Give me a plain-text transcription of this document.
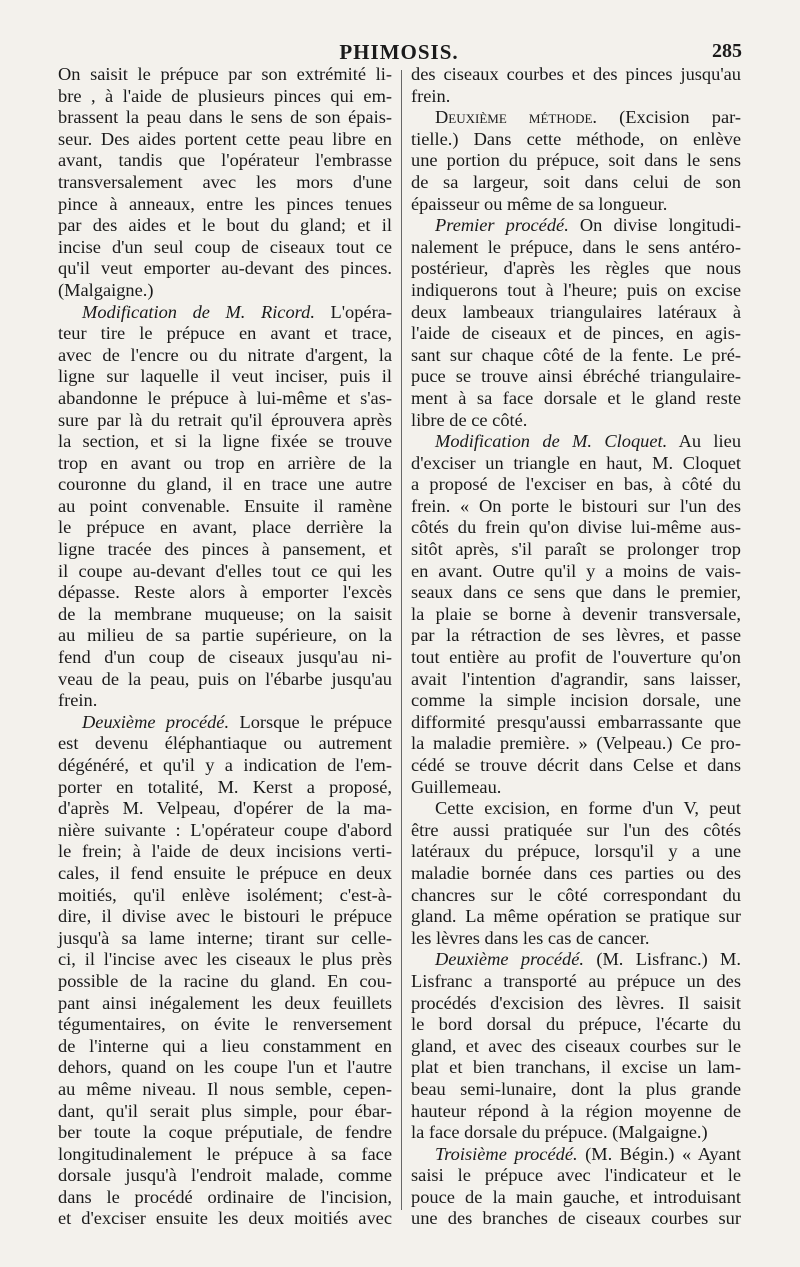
PHIMOSIS.	285
On saisit le prépuce par son extrémité li-
bre , à l'aide de plusieurs pinces qui em-
brassent la peau dans le sens de son épais-
seur. Des aides portent cette peau libre en
avant, tandis que l'opérateur l'embrasse
transversalement avec les mors d'une
pince à anneaux, entre les pinces tenues
par des aides et le bout du gland; et il
incise d'un seul coup de ciseaux tout ce
qu'il veut emporter au-devant des pinces.
(Malgaigne.)
Modification de M. Ricord. L'opéra-
teur tire le prépuce en avant et trace,
avec de l'encre ou du nitrate d'argent, la
ligne sur laquelle il veut inciser, puis il
abandonne le prépuce à lui-même et s'as-
sure par là du retrait qu'il éprouvera après
la section, et si la ligne fixée se trouve
trop en avant ou trop en arrière de la
couronne du gland, il en trace une autre
au point convenable. Ensuite il ramène
le prépuce en avant, place derrière la
ligne tracée des pinces à pansement, et
il coupe au-devant d'elles tout ce qui les
dépasse. Reste alors à emporter l'excès
de la membrane muqueuse; on la saisit
au milieu de sa partie supérieure, on la
fend d'un coup de ciseaux jusqu'au ni-
veau de la peau, puis on l'ébarbe jusqu'au
frein.
Deuxième procédé. Lorsque le prépuce
est devenu éléphantiaque ou autrement
dégénéré, et qu'il y a indication de l'em-
porter en totalité, M. Kerst a proposé,
d'après M. Velpeau, d'opérer de la ma-
nière suivante : L'opérateur coupe d'abord
le frein; à l'aide de deux incisions verti-
cales, il fend ensuite le prépuce en deux
moitiés, qu'il enlève isolément; c'est-à-
dire, il divise avec le bistouri le prépuce
jusqu'à sa lame interne; tirant sur celle-
ci, il l'incise avec les ciseaux le plus près
possible de la racine du gland. En cou-
pant ainsi inégalement les deux feuillets
tégumentaires, on évite le renversement
de l'interne qui a lieu constamment en
dehors, quand on les coupe l'un et l'autre
au même niveau. Il nous semble, cepen-
dant, qu'il serait plus simple, pour ébar-
ber toute la coque préputiale, de fendre
longitudinalement le prépuce à sa face
dorsale jusqu'à l'endroit malade, comme
dans le procédé ordinaire de l'incision,
et d'exciser ensuite les deux moitiés avec
des ciseaux courbes et des pinces jusqu'au
frein.
Deuxième méthode. (Excision par-
tielle.) Dans cette méthode, on enlève
une portion du prépuce, soit dans le sens
de sa largeur, soit dans celui de son
épaisseur ou même de sa longueur.
Premier procédé. On divise longitudi-
nalement le prépuce, dans le sens antéro-
postérieur, d'après les règles que nous
indiquerons tout à l'heure; puis on excise
deux lambeaux triangulaires latéraux à
l'aide de ciseaux et de pinces, en agis-
sant sur chaque côté de la fente. Le pré-
puce se trouve ainsi ébréché triangulaire-
ment à sa face dorsale et le gland reste
libre de ce côté.
Modification de M. Cloquet. Au lieu
d'exciser un triangle en haut, M. Cloquet
a proposé de l'exciser en bas, à côté du
frein. « On porte le bistouri sur l'un des
côtés du frein qu'on divise lui-même aus-
sitôt après, s'il paraît se prolonger trop
en avant. Outre qu'il y a moins de vais-
seaux dans ce sens que dans le premier,
la plaie se borne à devenir transversale,
par la rétraction de ses lèvres, et passe
tout entière au profit de l'ouverture qu'on
avait l'intention d'agrandir, sans laisser,
comme la simple incision dorsale, une
difformité presqu'aussi embarrassante que
la maladie première. » (Velpeau.) Ce pro-
cédé se trouve décrit dans Celse et dans
Guillemeau.
Cette excision, en forme d'un V, peut
être aussi pratiquée sur l'un des côtés
latéraux du prépuce, lorsqu'il y a une
maladie bornée dans ces parties ou des
chancres sur le côté correspondant du
gland. La même opération se pratique sur
les lèvres dans les cas de cancer.
Deuxième procédé. (M. Lisfranc.) M.
Lisfranc a transporté au prépuce un des
procédés d'excision des lèvres. Il saisit
le bord dorsal du prépuce, l'écarte du
gland, et avec des ciseaux courbes sur le
plat et bien tranchans, il excise un lam-
beau semi-lunaire, dont la plus grande
hauteur répond à la région moyenne de
la face dorsale du prépuce. (Malgaigne.)
Troisième procédé. (M. Bégin.) « Ayant
saisi le prépuce avec l'indicateur et le
pouce de la main gauche, et introduisant
une des branches de ciseaux courbes sur
